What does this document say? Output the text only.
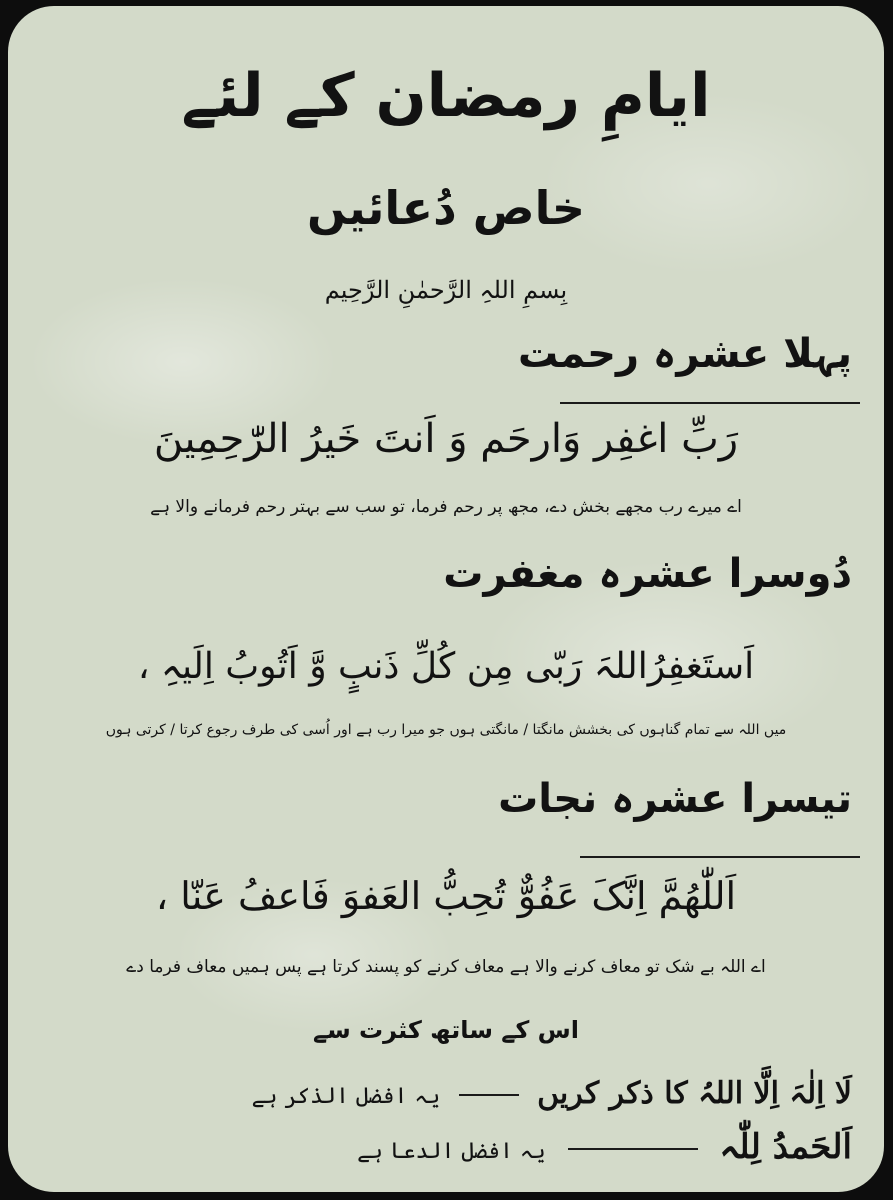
ایامِ رمضان کے لئے
خاص دُعائیں
بِسمِ اللہِ الرَّحمٰنِ الرَّحِیم
پہلا عشرہ رحمت
رَبِّ اغفِر وَارحَم وَ اَنتَ خَیرُ الرّٰحِمِینَ
اے میرے رب مجھے بخش دے، مجھ پر رحم فرما، تو سب سے بہتر رحم فرمانے والا ہے
دُوسرا عشرہ مغفرت
اَستَغفِرُاللہَ رَبّی مِن کُلِّ ذَنبٍ وَّ اَتُوبُ اِلَیہِ ،
میں اللہ سے تمام گناہوں کی بخشش مانگتا / مانگتی ہوں جو میرا رب ہے اور اُسی کی طرف رجوع کرتا / کرتی ہوں
تیسرا عشرہ نجات
اَللّٰھُمَّ اِنَّکَ عَفُوٌّ تُحِبُّ العَفوَ فَاعفُ عَنّا ،
اے اللہ بے شک تو معاف کرنے والا ہے معاف کرنے کو پسند کرتا ہے پس ہمیں معاف فرما دے
اس کے ساتھ کثرت سے
لَا اِلٰہَ اِلَّا اللہُ کا ذکر کریں  یہ افضل الذکر ہے
اَلحَمدُ لِلّٰہ  یہ افضل الدعا ہے
